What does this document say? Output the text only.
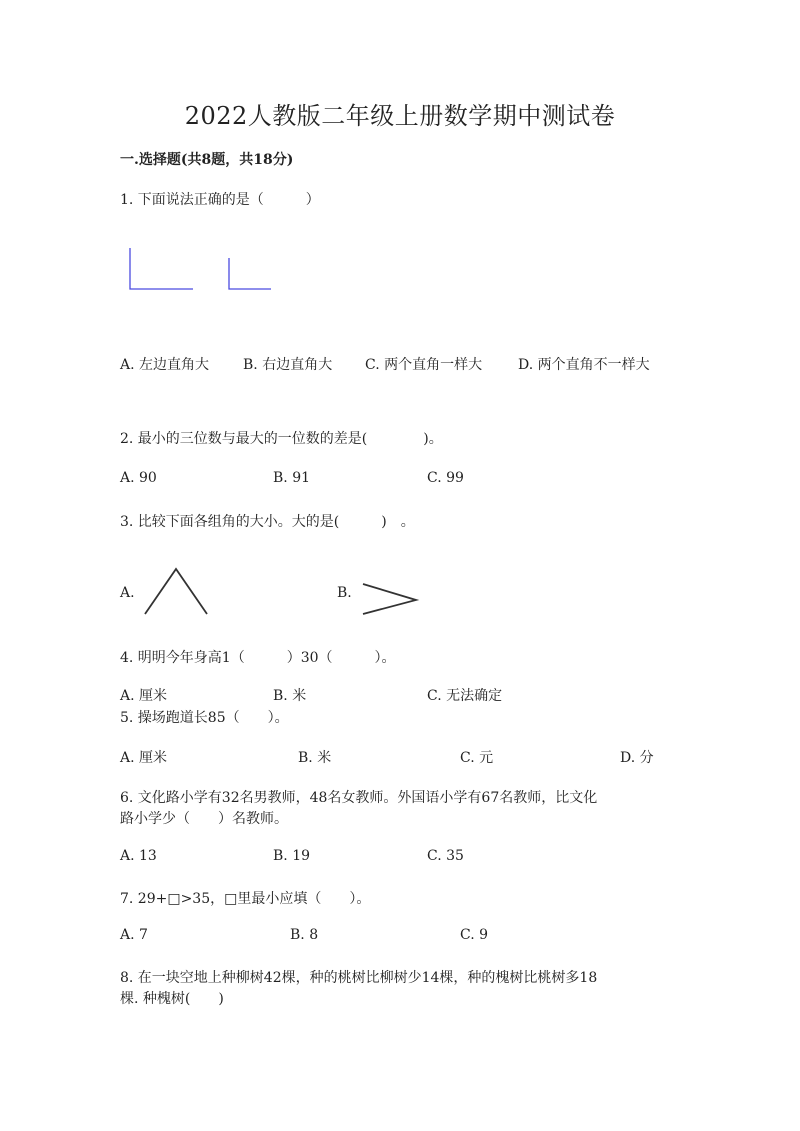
2022人教版二年级上册数学期中测试卷
一.选择题(共8题，共18分)
1. 下面说法正确的是（　　　）
A. 左边直角大 B. 右边直角大 C. 两个直角一样大	D. 两个直角不一样大
2. 最小的三位数与最大的一位数的差是(　　　　)。
A. 90	B. 91	C. 99
3. 比较下面各组角的大小。大的是(　　　)　。
A.	B.
4. 明明今年身高1（　　　）30（　　　）。
A. 厘米	B. 米	C. 无法确定
5. 操场跑道长85（　　）。
A. 厘米	B. 米	C. 元	D. 分
6. 文化路小学有32名男教师，48名女教师。外国语小学有67名教师，比文化
路小学少（　　）名教师。
A. 13	B. 19	C. 35
7. 29+□>35，□里最小应填（　　）。
A. 7	B. 8	C. 9
8. 在一块空地上种柳树42棵，种的桃树比柳树少14棵，种的槐树比桃树多18
棵. 种槐树(　　)
